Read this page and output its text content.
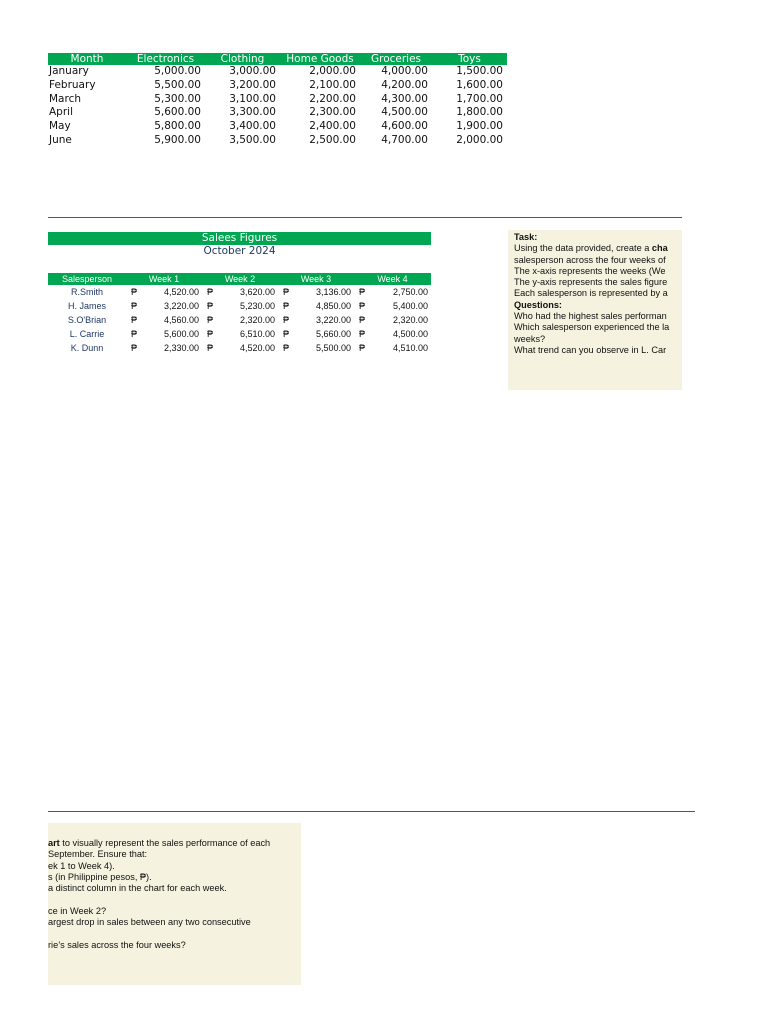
Month	Electronics	Clothing	Home Goods	Groceries	Toys
January	5,000.00	3,000.00	2,000.00	4,000.00	1,500.00
February	5,500.00	3,200.00	2,100.00	4,200.00	1,600.00
March	5,300.00	3,100.00	2,200.00	4,300.00	1,700.00
April	5,600.00	3,300.00	2,300.00	4,500.00	1,800.00
May	5,800.00	3,400.00	2,400.00	4,600.00	1,900.00
June	5,900.00	3,500.00	2,500.00	4,700.00	2,000.00
Salees Figures
October 2024
Salesperson	Week 1		Week 2		Week 3		Week 4	
R.Smith	₱	4,520.00	₱	3,620.00	₱	3,136.00	₱	2,750.00
H. James	₱	3,220.00	₱	5,230.00	₱	4,850.00	₱	5,400.00
S.O'Brian	₱	4,560.00	₱	2,320.00	₱	3,220.00	₱	2,320.00
L. Carrie	₱	5,600.00	₱	6,510.00	₱	5,660.00	₱	4,500.00
K. Dunn	₱	2,330.00	₱	4,520.00	₱	5,500.00	₱	4,510.00
Task:
Using the data provided, create a cha
salesperson across the four weeks of
The x-axis represents the weeks (We
The y-axis represents the sales figure
Each salesperson is represented by a
Questions:
Who had the highest sales performan
Which salesperson experienced the la
weeks?
What trend can you observe in L. Car
art to visually represent the sales performance of each
September. Ensure that:
ek 1 to Week 4).
s (in Philippine pesos, ₱).
a distinct column in the chart for each week.
ce in Week 2?
argest drop in sales between any two consecutive
rie’s sales across the four weeks?
